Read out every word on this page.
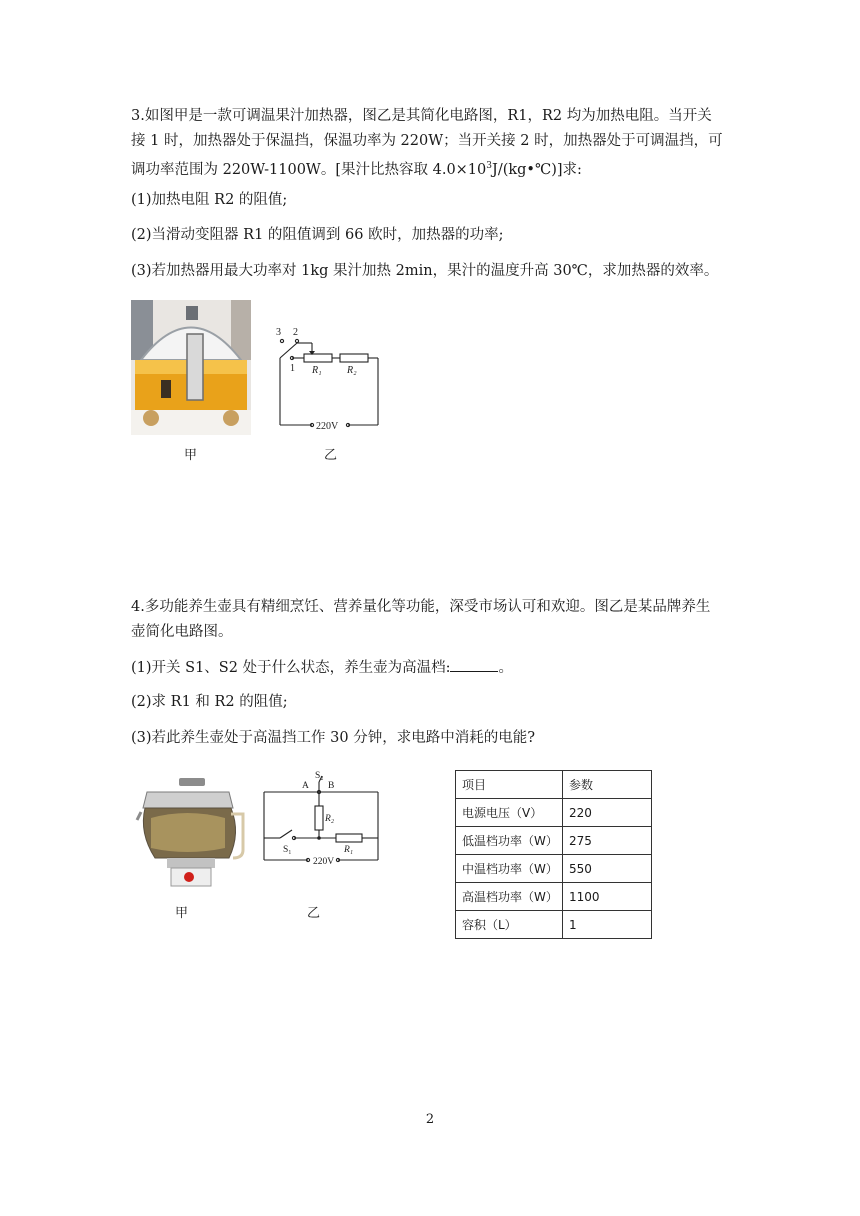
3.如图甲是一款可调温果汁加热器，图乙是其简化电路图，R1，R2 均为加热电阻。当开关
接 1 时，加热器处于保温挡，保温功率为 220W；当开关接 2 时，加热器处于可调温挡，可
调功率范围为 220W-1100W。[果汁比热容取 $4.0\times 10^3J/(kg•℃)$]求:
(1)加热电阻 R2 的阻值;
(2)当滑动变阻器 R1 的阻值调到 66 欧时，加热器的功率;
(3)若加热器用最大功率对 1kg 果汁加热 2min，果汁的温度升高 30℃，求加热器的效率。
甲
3 2
1 R₁	R₂
220V
乙
4.多功能养生壶具有精细烹饪、营养量化等功能，深受市场认可和欢迎。图乙是某品牌养生
壶简化电路图。
(1)开关 S1、S2 处于什么状态，养生壶为高温档:	。
(2)求 R1 和 R2 的阻值;
(3)若此养生壶处于高温挡工作 30 分钟，求电路中消耗的电能?
甲
S₂
A B
R₂
S₁	R₁
220V
乙
项目	参数
电源电压（V）	220
低温档功率（W）	275
中温档功率（W）	550
高温档功率（W）	1100
容积（L）	1
2
